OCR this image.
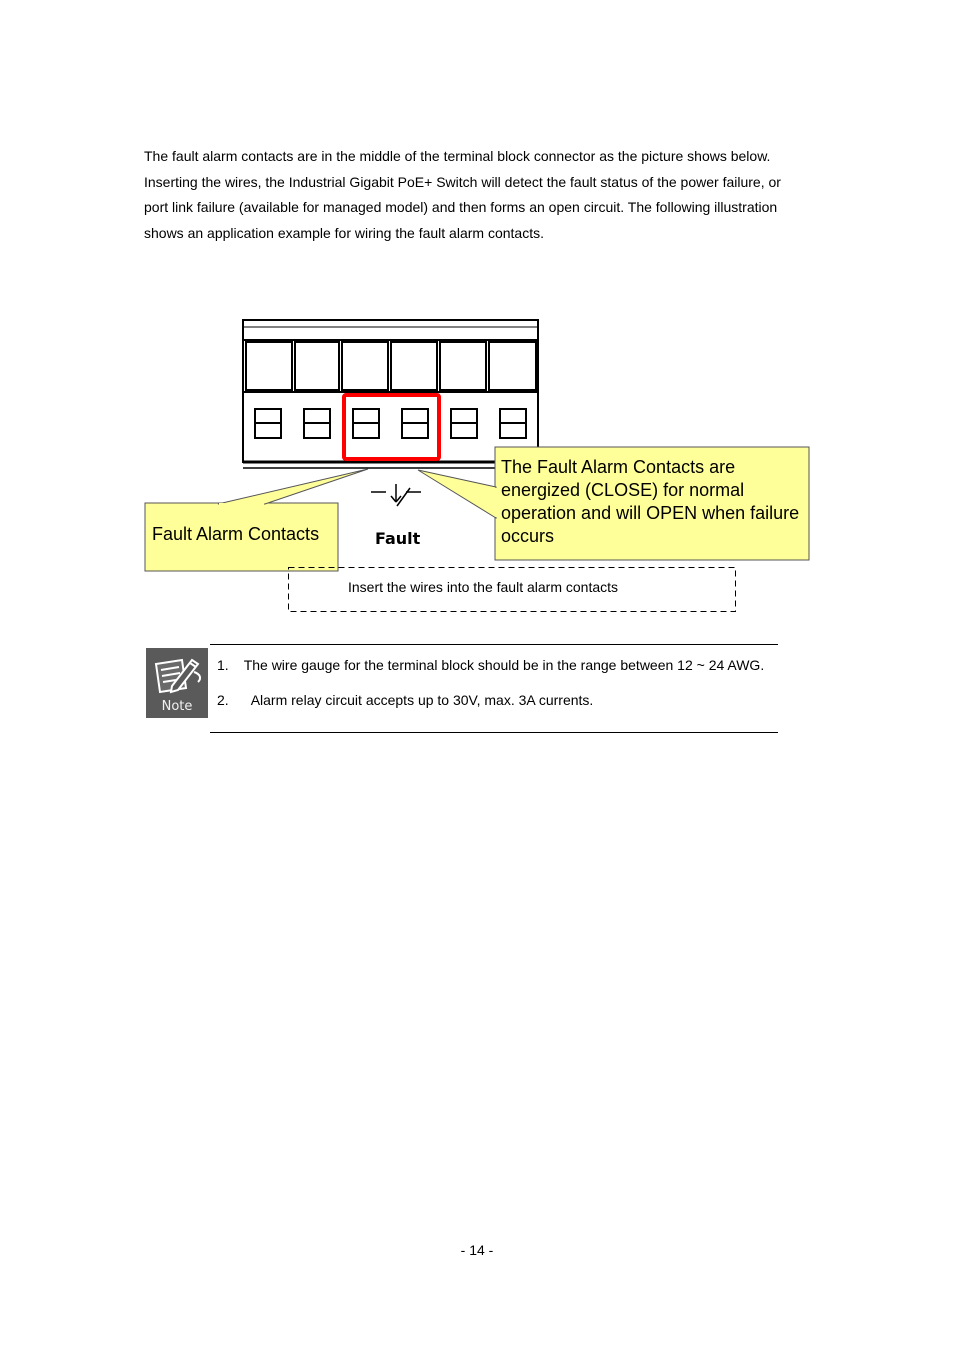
The fault alarm contacts are in the middle of the terminal block connector as the picture shows below.

Inserting the wires, the Industrial Gigabit PoE+ Switch will detect the fault status of the power failure, or

port link failure (available for managed model) and then forms an open circuit. The following illustration

shows an application example for wiring the fault alarm contacts.

Fault Alarm Contacts
The Fault Alarm Contacts are energized (CLOSE) for normal operation and will OPEN when failure occurs
Fault
Insert the wires into the fault alarm contacts
Note
1. The wire gauge for the terminal block should be in the range between 12 ~ 24 AWG.
2. Alarm relay circuit accepts up to 30V, max. 3A currents.
- 14 -
